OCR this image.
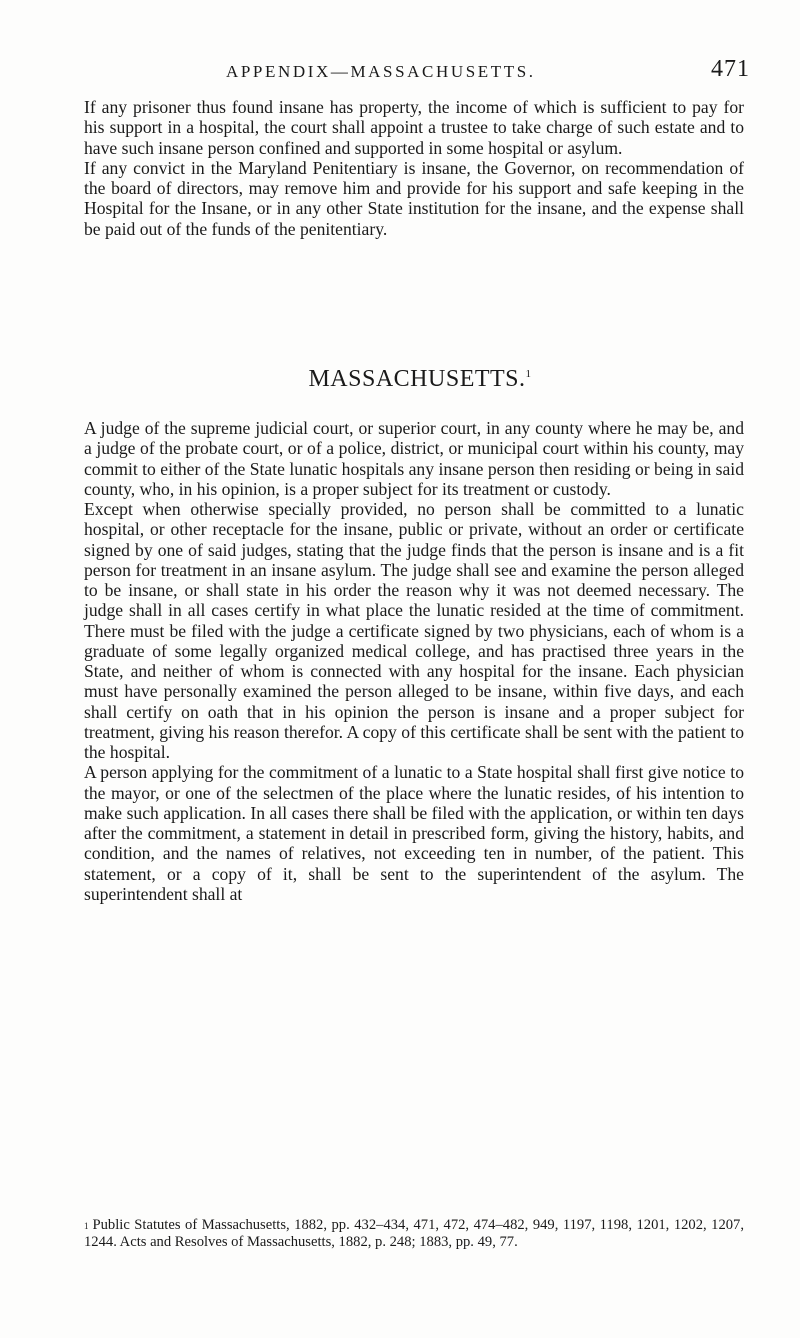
APPENDIX—MASSACHUSETTS.	471

If any prisoner thus found insane has property, the income of which is sufficient to pay for his support in a hospital, the court shall appoint a trustee to take charge of such estate and to have such insane person confined and supported in some hospital or asylum.

If any convict in the Maryland Penitentiary is insane, the Governor, on recommendation of the board of directors, may remove him and provide for his support and safe keeping in the Hospital for the Insane, or in any other State institution for the insane, and the expense shall be paid out of the funds of the penitentiary.

MASSACHUSETTS.$^1$

A judge of the supreme judicial court, or superior court, in any county where he may be, and a judge of the probate court, or of a police, district, or municipal court within his county, may commit to either of the State lunatic hospitals any insane person then residing or being in said county, who, in his opinion, is a proper subject for its treatment or custody.

Except when otherwise specially provided, no person shall be committed to a lunatic hospital, or other receptacle for the insane, public or private, without an order or certificate signed by one of said judges, stating that the judge finds that the person is insane and is a fit person for treatment in an insane asylum. The judge shall see and examine the person alleged to be insane, or shall state in his order the reason why it was not deemed necessary. The judge shall in all cases certify in what place the lunatic resided at the time of commitment. There must be filed with the judge a certificate signed by two physicians, each of whom is a graduate of some legally organized medical college, and has practised three years in the State, and neither of whom is connected with any hospital for the insane. Each physician must have personally examined the person alleged to be insane, within five days, and each shall certify on oath that in his opinion the person is insane and a proper subject for treatment, giving his reason therefor. A copy of this certificate shall be sent with the patient to the hospital.

A person applying for the commitment of a lunatic to a State hospital shall first give notice to the mayor, or one of the selectmen of the place where the lunatic resides, of his intention to make such application. In all cases there shall be filed with the application, or within ten days after the commitment, a statement in detail in prescribed form, giving the history, habits, and condition, and the names of relatives, not exceeding ten in number, of the patient. This statement, or a copy of it, shall be sent to the superintendent of the asylum. The superintendent shall at

$^1$ Public Statutes of Massachusetts, 1882, pp. 432–434, 471, 472, 474–482, 949, 1197, 1198, 1201, 1202, 1207, 1244. Acts and Resolves of Massachusetts, 1882, p. 248; 1883, pp. 49, 77.
